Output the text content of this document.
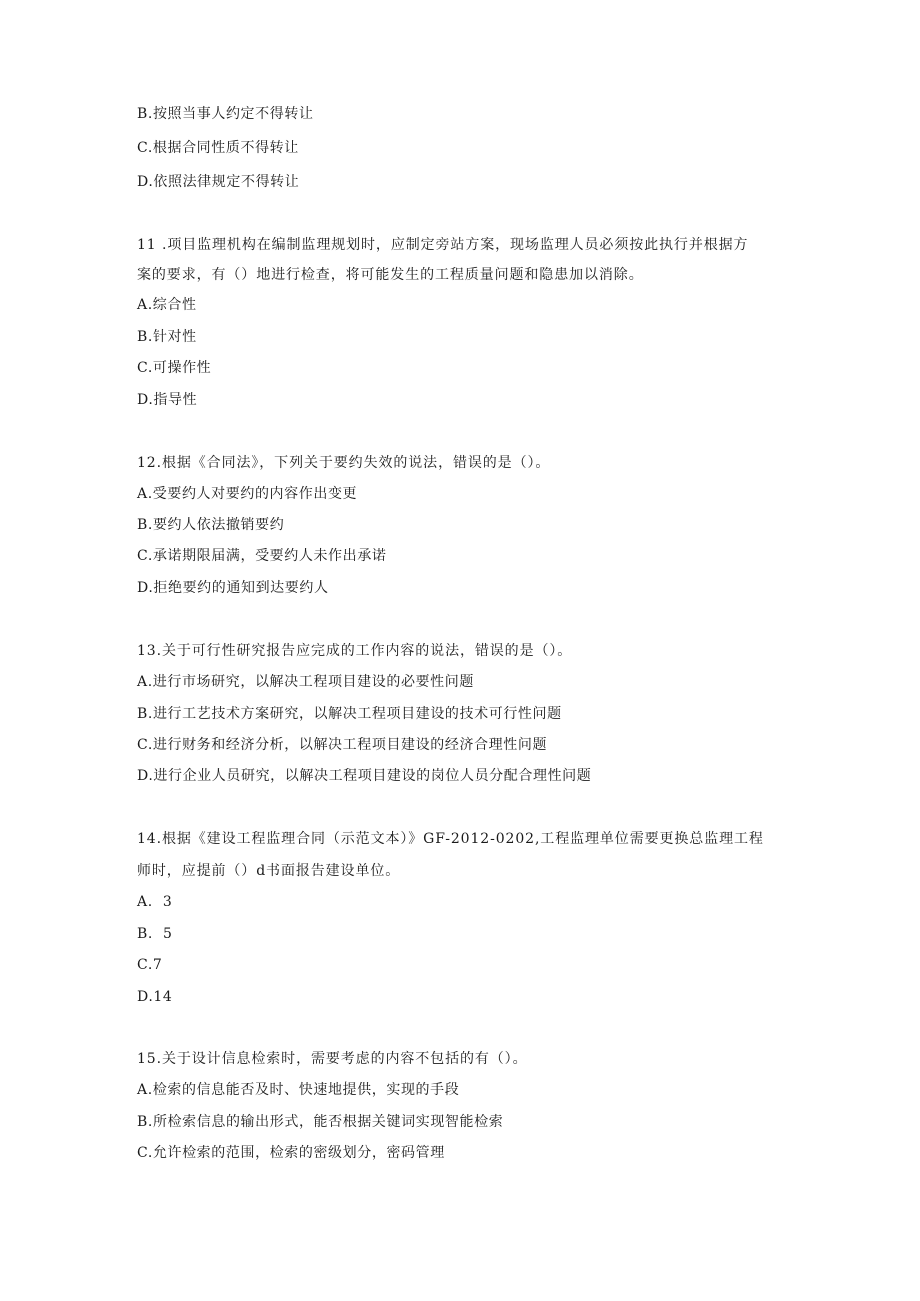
B.按照当事人约定不得转让
C.根据合同性质不得转让
D.依照法律规定不得转让
11 .项目监理机构在编制监理规划时，应制定旁站方案，现场监理人员必须按此执行并根据方
案的要求，有（）地进行检查，将可能发生的工程质量问题和隐患加以消除。
A.综合性
B.针对性
C.可操作性
D.指导性
12.根据《合同法》，下列关于要约失效的说法，错误的是（）。
A.受要约人对要约的内容作出变更
B.要约人依法撤销要约
C.承诺期限届满，受要约人未作出承诺
D.拒绝要约的通知到达要约人
13.关于可行性研究报告应完成的工作内容的说法，错误的是（）。
A.进行市场研究，以解决工程项目建设的必要性问题
B.进行工艺技术方案研究，以解决工程项目建设的技术可行性问题
C.进行财务和经济分析，以解决工程项目建设的经济合理性问题
D.进行企业人员研究，以解决工程项目建设的岗位人员分配合理性问题
14.根据《建设工程监理合同（示范文本）》GF-2012-0202,工程监理单位需要更换总监理工程
师时，应提前（）d书面报告建设单位。
A.  3
B.  5
C.7
D.14
15.关于设计信息检索时，需要考虑的内容不包括的有（）。
A.检索的信息能否及时、快速地提供，实现的手段
B.所检索信息的输出形式，能否根据关键词实现智能检索
C.允许检索的范围，检索的密级划分，密码管理
